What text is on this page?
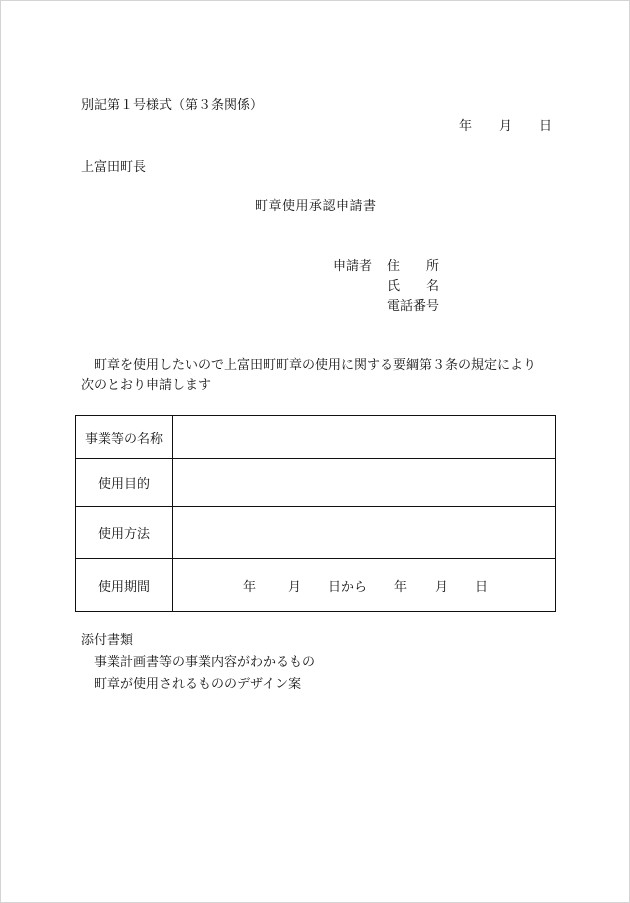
別記第１号様式（第３条関係）
年 月 日
上富田町長
町章使用承認申請書
申請者 住 所
氏 名
電話番号
町章を使用したいので上富田町町章の使用に関する要綱第３条の規定により
次のとおり申請します
事業等の名称	
使用目的	
使用方法	
使用期間	年 月 日から 年 月 日
添付書類
事業計画書等の事業内容がわかるもの
町章が使用されるもののデザイン案
